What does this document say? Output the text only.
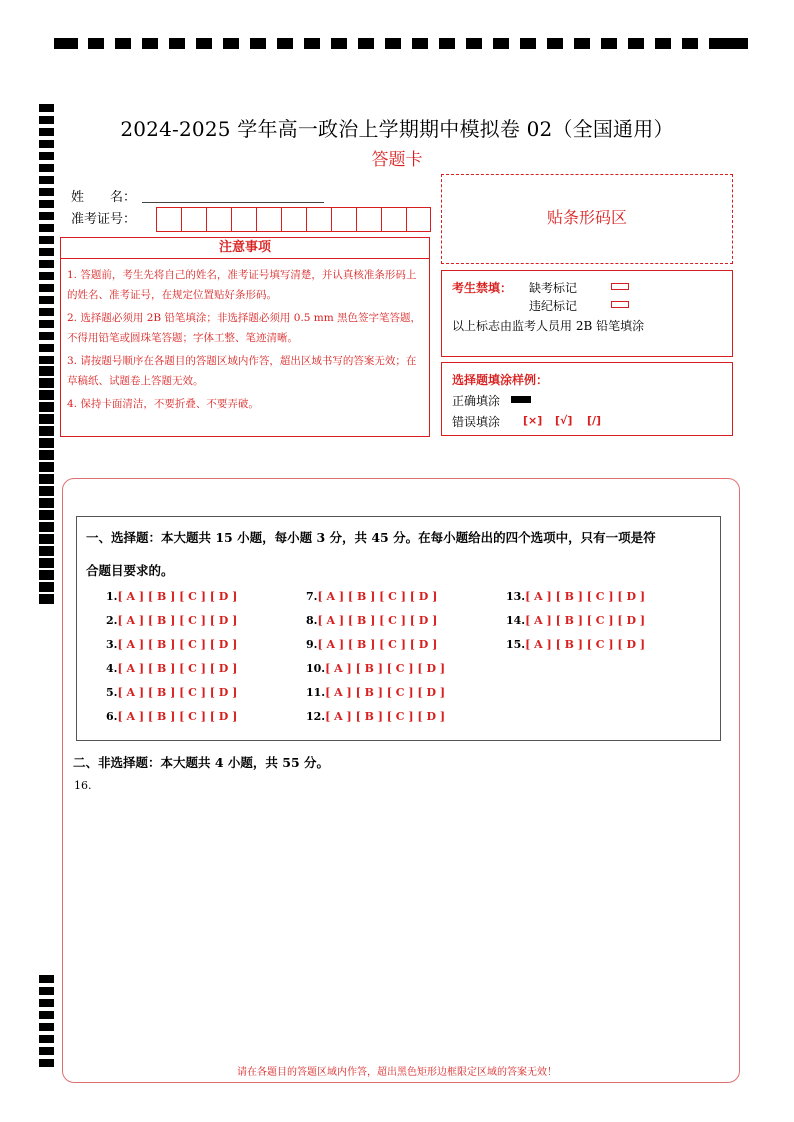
2024-2025 学年高一政治上学期期中模拟卷 02（全国通用）
答题卡
姓　　名：
准考证号：
注意事项
1. 答题前，考生先将自己的姓名，准考证号填写清楚，并认真核准条形码上的姓名、准考证号，在规定位置贴好条形码。
2. 选择题必须用 2B 铅笔填涂；非选择题必须用 0.5 mm 黑色签字笔答题，不得用铅笔或圆珠笔答题；字体工整、笔迹清晰。
3. 请按题号顺序在各题目的答题区域内作答，超出区域书写的答案无效；在草稿纸、试题卷上答题无效。
4. 保持卡面清洁，不要折叠、不要弄破。
贴条形码区
考生禁填： 缺考标记
违纪标记
以上标志由监考人员用 2B 铅笔填涂
选择题填涂样例：
正确填涂
错误填涂 [×] [√] [/]
一、选择题：本大题共 15 小题，每小题 3 分，共 45 分。在每小题给出的四个选项中，只有一项是符
合题目要求的。
1.[ A ] [ B ] [ C ] [ D ]
2.[ A ] [ B ] [ C ] [ D ]
3.[ A ] [ B ] [ C ] [ D ]
4.[ A ] [ B ] [ C ] [ D ]
5.[ A ] [ B ] [ C ] [ D ]
6.[ A ] [ B ] [ C ] [ D ]
7.[ A ] [ B ] [ C ] [ D ]
8.[ A ] [ B ] [ C ] [ D ]
9.[ A ] [ B ] [ C ] [ D ]
10.[ A ] [ B ] [ C ] [ D ]
11.[ A ] [ B ] [ C ] [ D ]
12.[ A ] [ B ] [ C ] [ D ]
13.[ A ] [ B ] [ C ] [ D ]
14.[ A ] [ B ] [ C ] [ D ]
15.[ A ] [ B ] [ C ] [ D ]
二、非选择题：本大题共 4 小题，共 55 分。
16.
请在各题目的答题区域内作答，超出黑色矩形边框限定区域的答案无效！
